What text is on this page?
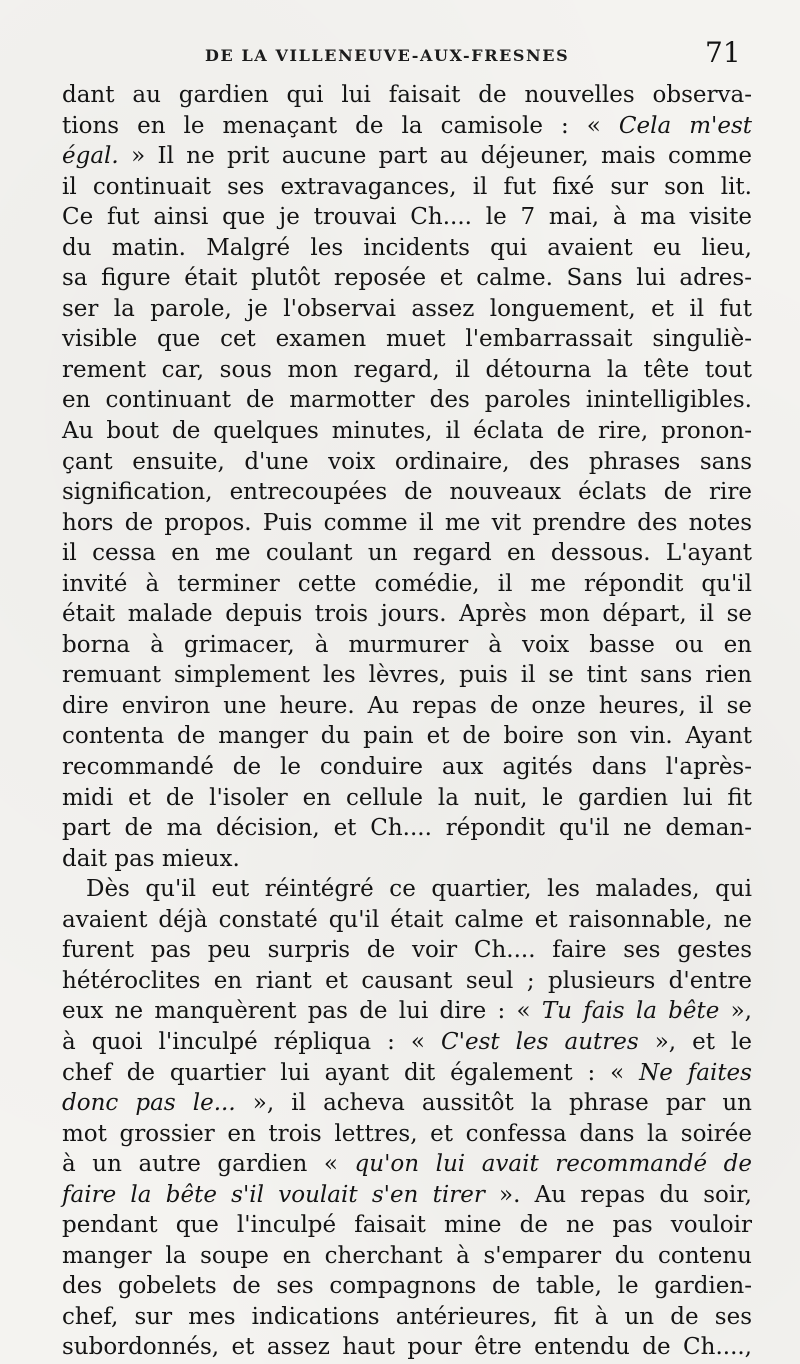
DE LA VILLENEUVE-AUX-FRESNES	71
dant au gardien qui lui faisait de nouvelles observa-
tions en le menaçant de la camisole : « Cela m'est
égal. » Il ne prit aucune part au déjeuner, mais comme
il continuait ses extravagances, il fut fixé sur son lit.
Ce fut ainsi que je trouvai Ch.... le 7 mai, à ma visite
du matin. Malgré les incidents qui avaient eu lieu,
sa figure était plutôt reposée et calme. Sans lui adres-
ser la parole, je l'observai assez longuement, et il fut
visible que cet examen muet l'embarrassait singuliè-
rement car, sous mon regard, il détourna la tête tout
en continuant de marmotter des paroles inintelligibles.
Au bout de quelques minutes, il éclata de rire, pronon-
çant ensuite, d'une voix ordinaire, des phrases sans
signification, entrecoupées de nouveaux éclats de rire
hors de propos. Puis comme il me vit prendre des notes
il cessa en me coulant un regard en dessous. L'ayant
invité à terminer cette comédie, il me répondit qu'il
était malade depuis trois jours. Après mon départ, il se
borna à grimacer, à murmurer à voix basse ou en
remuant simplement les lèvres, puis il se tint sans rien
dire environ une heure. Au repas de onze heures, il se
contenta de manger du pain et de boire son vin. Ayant
recommandé de le conduire aux agités dans l'après-
midi et de l'isoler en cellule la nuit, le gardien lui fit
part de ma décision, et Ch.... répondit qu'il ne deman-
dait pas mieux.
Dès qu'il eut réintégré ce quartier, les malades, qui
avaient déjà constaté qu'il était calme et raisonnable, ne
furent pas peu surpris de voir Ch.... faire ses gestes
hétéroclites en riant et causant seul ; plusieurs d'entre
eux ne manquèrent pas de lui dire : « Tu fais la bête »,
à quoi l'inculpé répliqua : « C'est les autres », et le
chef de quartier lui ayant dit également : « Ne faites
donc pas le... », il acheva aussitôt la phrase par un
mot grossier en trois lettres, et confessa dans la soirée
à un autre gardien « qu'on lui avait recommandé de
faire la bête s'il voulait s'en tirer ». Au repas du soir,
pendant que l'inculpé faisait mine de ne pas vouloir
manger la soupe en cherchant à s'emparer du contenu
des gobelets de ses compagnons de table, le gardien-
chef, sur mes indications antérieures, fit à un de ses
subordonnés, et assez haut pour être entendu de Ch....,
